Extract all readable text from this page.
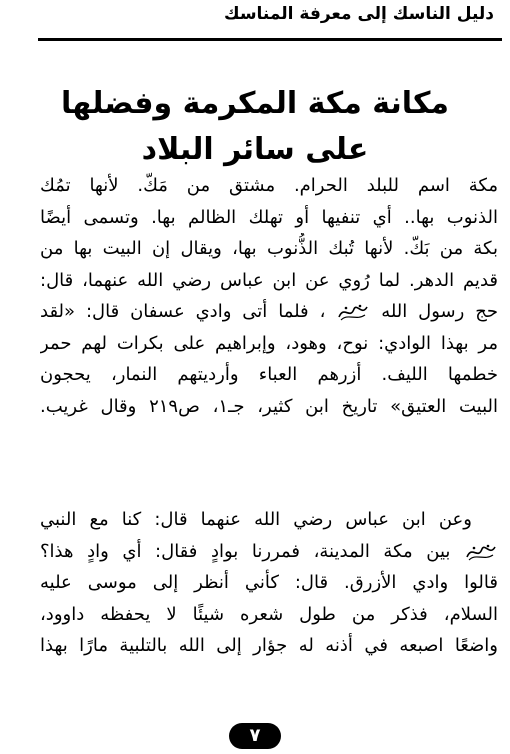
دليل الناسك إلى معرفة المناسك
مكانة مكة المكرمة وفضلها
على سائر البلاد
مكة اسم للبلد الحرام. مشتق من مَكّ. لأنها تمُك
الذنوب بها.. أي تنفيها أو تهلك الظالم بها. وتسمى أيضًا
بكة من بَكّ. لأنها تُبك الذُّنوب بها، ويقال إن البيت بها من
قديم الدهر. لما رُوي عن ابن عباس رضي الله عنهما، قال:
حج رسول الله  ، فلما أتى وادي عسفان قال: «لقد
مر بهذا الوادي: نوح، وهود، وإبراهيم على بكرات لهم حمر
خطمها الليف. أزرهم العباء وأرديتهم النمار، يحجون
البيت العتيق» تاريخ ابن كثير، جـ١، ص٢١٩ وقال غريب.
وعن ابن عباس رضي الله عنهما قال: كنا مع النبي
بين مكة المدينة، فمررنا بوادٍ فقال: أي وادٍ هذا؟
قالوا وادي الأزرق. قال: كأني أنظر إلى موسى عليه
السلام، فذكر من طول شعره شيئًا لا يحفظه داوود،
واضعًا اصبعه في أذنه له جؤار إلى الله بالتلبية مارًا بهذا
٧
